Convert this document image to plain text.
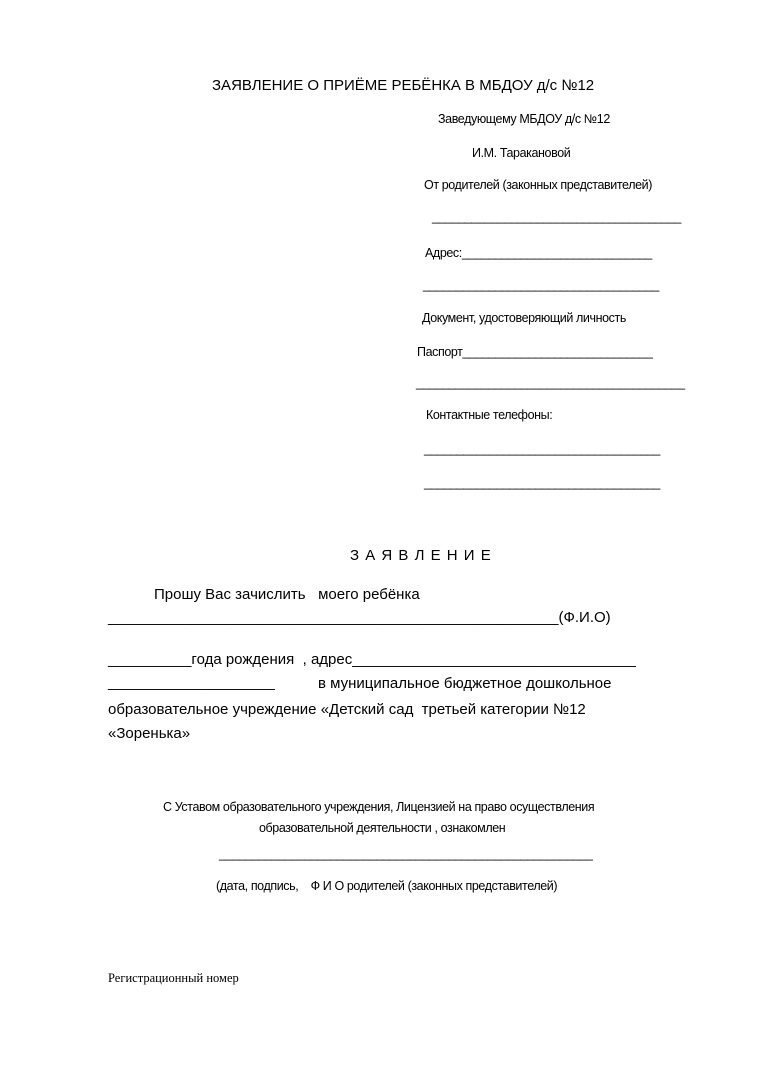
ЗАЯВЛЕНИЕ О ПРИЁМЕ РЕБЁНКА В МБДОУ д/с №12
Заведующему МБДОУ д/с №12
И.М. Таракановой
От родителей (законных представителей)
______________________________________
Адрес:_____________________________
____________________________________
Документ, удостоверяющий личность
Паспорт_____________________________
_________________________________________
Контактные телефоны:
____________________________________
____________________________________
З А Я В Л Е Н И Е
Прошу Вас зачислить   моего ребёнка
______________________________________________________(Ф.И.О)
__________года рождения  , адрес__________________________________
____________________	в муниципальное бюджетное дошкольное
образовательное учреждение «Детский сад  третьей категории №12
«Зоренька»
С Уставом образовательного учреждения, Лицензией на право осуществления
образовательной деятельности , ознакомлен
_________________________________________________________
(дата, подпись,    Ф И О родителей (законных представителей)
Регистрационный номер
